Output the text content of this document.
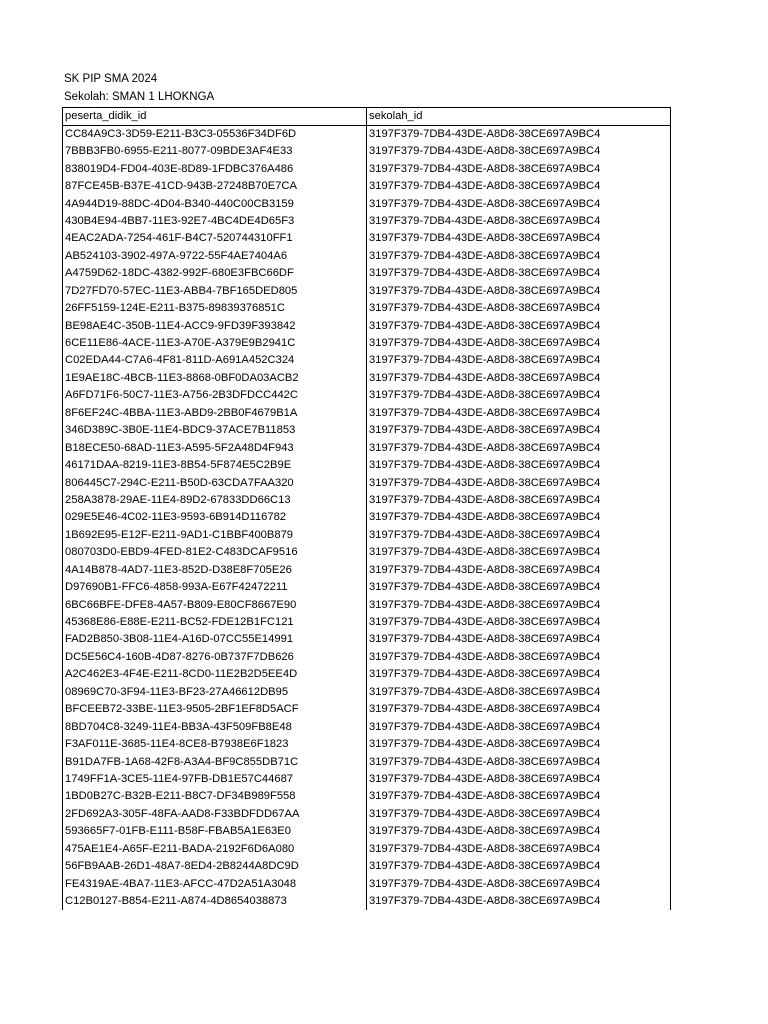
SK PIP SMA 2024
Sekolah: SMAN 1 LHOKNGA
peserta_didik_id	sekolah_id
CC84A9C3-3D59-E211-B3C3-05536F34DF6D	3197F379-7DB4-43DE-A8D8-38CE697A9BC4
7BBB3FB0-6955-E211-8077-09BDE3AF4E33	3197F379-7DB4-43DE-A8D8-38CE697A9BC4
838019D4-FD04-403E-8D89-1FDBC376A486	3197F379-7DB4-43DE-A8D8-38CE697A9BC4
87FCE45B-B37E-41CD-943B-27248B70E7CA	3197F379-7DB4-43DE-A8D8-38CE697A9BC4
4A944D19-88DC-4D04-B340-440C00CB3159	3197F379-7DB4-43DE-A8D8-38CE697A9BC4
430B4E94-4BB7-11E3-92E7-4BC4DE4D65F3	3197F379-7DB4-43DE-A8D8-38CE697A9BC4
4EAC2ADA-7254-461F-B4C7-520744310FF1	3197F379-7DB4-43DE-A8D8-38CE697A9BC4
AB524103-3902-497A-9722-55F4AE7404A6	3197F379-7DB4-43DE-A8D8-38CE697A9BC4
A4759D62-18DC-4382-992F-680E3FBC66DF	3197F379-7DB4-43DE-A8D8-38CE697A9BC4
7D27FD70-57EC-11E3-ABB4-7BF165DED805	3197F379-7DB4-43DE-A8D8-38CE697A9BC4
26FF5159-124E-E211-B375-89839376851C	3197F379-7DB4-43DE-A8D8-38CE697A9BC4
BE98AE4C-350B-11E4-ACC9-9FD39F393842	3197F379-7DB4-43DE-A8D8-38CE697A9BC4
6CE11E86-4ACE-11E3-A70E-A379E9B2941C	3197F379-7DB4-43DE-A8D8-38CE697A9BC4
C02EDA44-C7A6-4F81-811D-A691A452C324	3197F379-7DB4-43DE-A8D8-38CE697A9BC4
1E9AE18C-4BCB-11E3-8868-0BF0DA03ACB2	3197F379-7DB4-43DE-A8D8-38CE697A9BC4
A6FD71F6-50C7-11E3-A756-2B3DFDCC442C	3197F379-7DB4-43DE-A8D8-38CE697A9BC4
8F6EF24C-4BBA-11E3-ABD9-2BB0F4679B1A	3197F379-7DB4-43DE-A8D8-38CE697A9BC4
346D389C-3B0E-11E4-BDC9-37ACE7B11853	3197F379-7DB4-43DE-A8D8-38CE697A9BC4
B18ECE50-68AD-11E3-A595-5F2A48D4F943	3197F379-7DB4-43DE-A8D8-38CE697A9BC4
46171DAA-8219-11E3-8B54-5F874E5C2B9E	3197F379-7DB4-43DE-A8D8-38CE697A9BC4
806445C7-294C-E211-B50D-63CDA7FAA320	3197F379-7DB4-43DE-A8D8-38CE697A9BC4
258A3878-29AE-11E4-89D2-67833DD66C13	3197F379-7DB4-43DE-A8D8-38CE697A9BC4
029E5E46-4C02-11E3-9593-6B914D116782	3197F379-7DB4-43DE-A8D8-38CE697A9BC4
1B692E95-E12F-E211-9AD1-C1BBF400B879	3197F379-7DB4-43DE-A8D8-38CE697A9BC4
080703D0-EBD9-4FED-81E2-C483DCAF9516	3197F379-7DB4-43DE-A8D8-38CE697A9BC4
4A14B878-4AD7-11E3-852D-D38E8F705E26	3197F379-7DB4-43DE-A8D8-38CE697A9BC4
D97690B1-FFC6-4858-993A-E67F42472211	3197F379-7DB4-43DE-A8D8-38CE697A9BC4
6BC66BFE-DFE8-4A57-B809-E80CF8667E90	3197F379-7DB4-43DE-A8D8-38CE697A9BC4
45368E86-E88E-E211-BC52-FDE12B1FC121	3197F379-7DB4-43DE-A8D8-38CE697A9BC4
FAD2B850-3B08-11E4-A16D-07CC55E14991	3197F379-7DB4-43DE-A8D8-38CE697A9BC4
DC5E56C4-160B-4D87-8276-0B737F7DB626	3197F379-7DB4-43DE-A8D8-38CE697A9BC4
A2C462E3-4F4E-E211-8CD0-11E2B2D5EE4D	3197F379-7DB4-43DE-A8D8-38CE697A9BC4
08969C70-3F94-11E3-BF23-27A46612DB95	3197F379-7DB4-43DE-A8D8-38CE697A9BC4
BFCEEB72-33BE-11E3-9505-2BF1EF8D5ACF	3197F379-7DB4-43DE-A8D8-38CE697A9BC4
8BD704C8-3249-11E4-BB3A-43F509FB8E48	3197F379-7DB4-43DE-A8D8-38CE697A9BC4
F3AF011E-3685-11E4-8CE8-B7938E6F1823	3197F379-7DB4-43DE-A8D8-38CE697A9BC4
B91DA7FB-1A68-42F8-A3A4-BF9C855DB71C	3197F379-7DB4-43DE-A8D8-38CE697A9BC4
1749FF1A-3CE5-11E4-97FB-DB1E57C44687	3197F379-7DB4-43DE-A8D8-38CE697A9BC4
1BD0B27C-B32B-E211-B8C7-DF34B989F558	3197F379-7DB4-43DE-A8D8-38CE697A9BC4
2FD692A3-305F-48FA-AAD8-F33BDFDD67AA	3197F379-7DB4-43DE-A8D8-38CE697A9BC4
593665F7-01FB-E111-B58F-FBAB5A1E63E0	3197F379-7DB4-43DE-A8D8-38CE697A9BC4
475AE1E4-A65F-E211-BADA-2192F6D6A080	3197F379-7DB4-43DE-A8D8-38CE697A9BC4
56FB9AAB-26D1-48A7-8ED4-2B8244A8DC9D	3197F379-7DB4-43DE-A8D8-38CE697A9BC4
FE4319AE-4BA7-11E3-AFCC-47D2A51A3048	3197F379-7DB4-43DE-A8D8-38CE697A9BC4
C12B0127-B854-E211-A874-4D8654038873	3197F379-7DB4-43DE-A8D8-38CE697A9BC4
